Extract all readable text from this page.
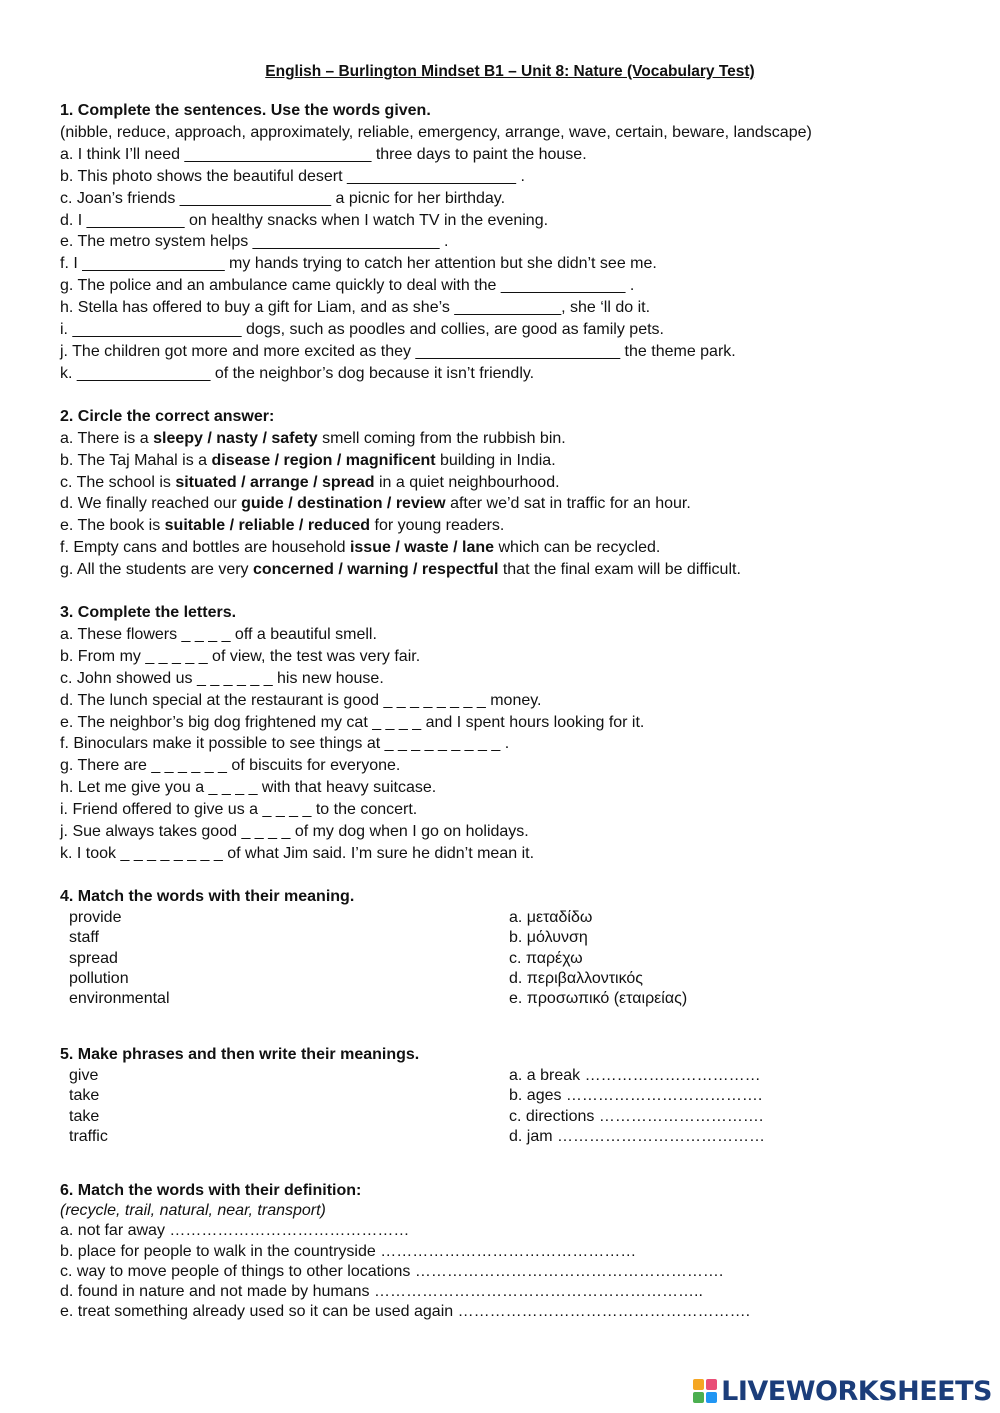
English – Burlington Mindset B1 – Unit 8: Nature (Vocabulary Test)
1. Complete the sentences. Use the words given.
(nibble, reduce, approach, approximately, reliable, emergency, arrange, wave, certain, beware, landscape)
a. I think I’ll need _____________________ three days to paint the house.
b. This photo shows the beautiful desert ___________________ .
c. Joan’s friends _________________ a picnic for her birthday.
d. I ___________ on healthy snacks when I watch TV in the evening.
e. The metro system helps _____________________ .
f. I ________________ my hands trying to catch her attention but she didn’t see me.
g. The police and an ambulance came quickly to deal with the ______________ .
h. Stella has offered to buy a gift for Liam, and as she’s ____________, she ‘ll do it.
i. ___________________ dogs, such as poodles and collies, are good as family pets.
j. The children got more and more excited as they _______________________ the theme park.
k. _______________ of the neighbor’s dog because it isn’t friendly.
2. Circle the correct answer:
a. There is a sleepy / nasty / safety smell coming from the rubbish bin.
b. The Taj Mahal is a disease / region / magnificent building in India.
c. The school is situated / arrange / spread in a quiet neighbourhood.
d. We finally reached our guide / destination / review after we’d sat in traffic for an hour.
e. The book is suitable / reliable / reduced for young readers.
f. Empty cans and bottles are household issue / waste / lane which can be recycled.
g. All the students are very concerned / warning / respectful that the final exam will be difficult.
3. Complete the letters.
a. These flowers _ _ _ _ off a beautiful smell.
b. From my _ _ _ _ _ of view, the test was very fair.
c. John showed us _ _ _ _ _ _ his new house.
d. The lunch special at the restaurant is good _ _ _ _ _ _ _ _ money.
e. The neighbor’s big dog frightened my cat _ _ _ _ and I spent hours looking for it.
f. Binoculars make it possible to see things at _ _ _ _ _ _ _ _ _ .
g. There are _ _ _ _ _ _ of biscuits for everyone.
h. Let me give you a _ _ _ _ with that heavy suitcase.
i. Friend offered to give us a _ _ _ _ to the concert.
j. Sue always takes good _ _ _ _ of my dog when I go on holidays.
k. I took _ _ _ _ _ _ _ _ of what Jim said. I’m sure he didn’t mean it.
4. Match the words with their meaning.
provide
staff
spread
pollution
environmental
a. μεταδίδω
b. μόλυνση
c. παρέχω
d. περιβαλλοντικός
e. προσωπικό (εταιρείας)
5. Make phrases and then write their meanings.
give
take
take
traffic
a. a break ……………………………
b. ages ……………………………….
c. directions ………………………….
d. jam …………………………………
6. Match the words with their definition:
(recycle, trail, natural, near, transport)
a. not far away ………………………………………
b. place for people to walk in the countryside …………………………………………
c. way to move people of things to other locations ………………………………………………….
d. found in nature and not made by humans ……………………………………………………..
e. treat something already used so it can be used again ……………………………………………….
LIVEWORKSHEETS
